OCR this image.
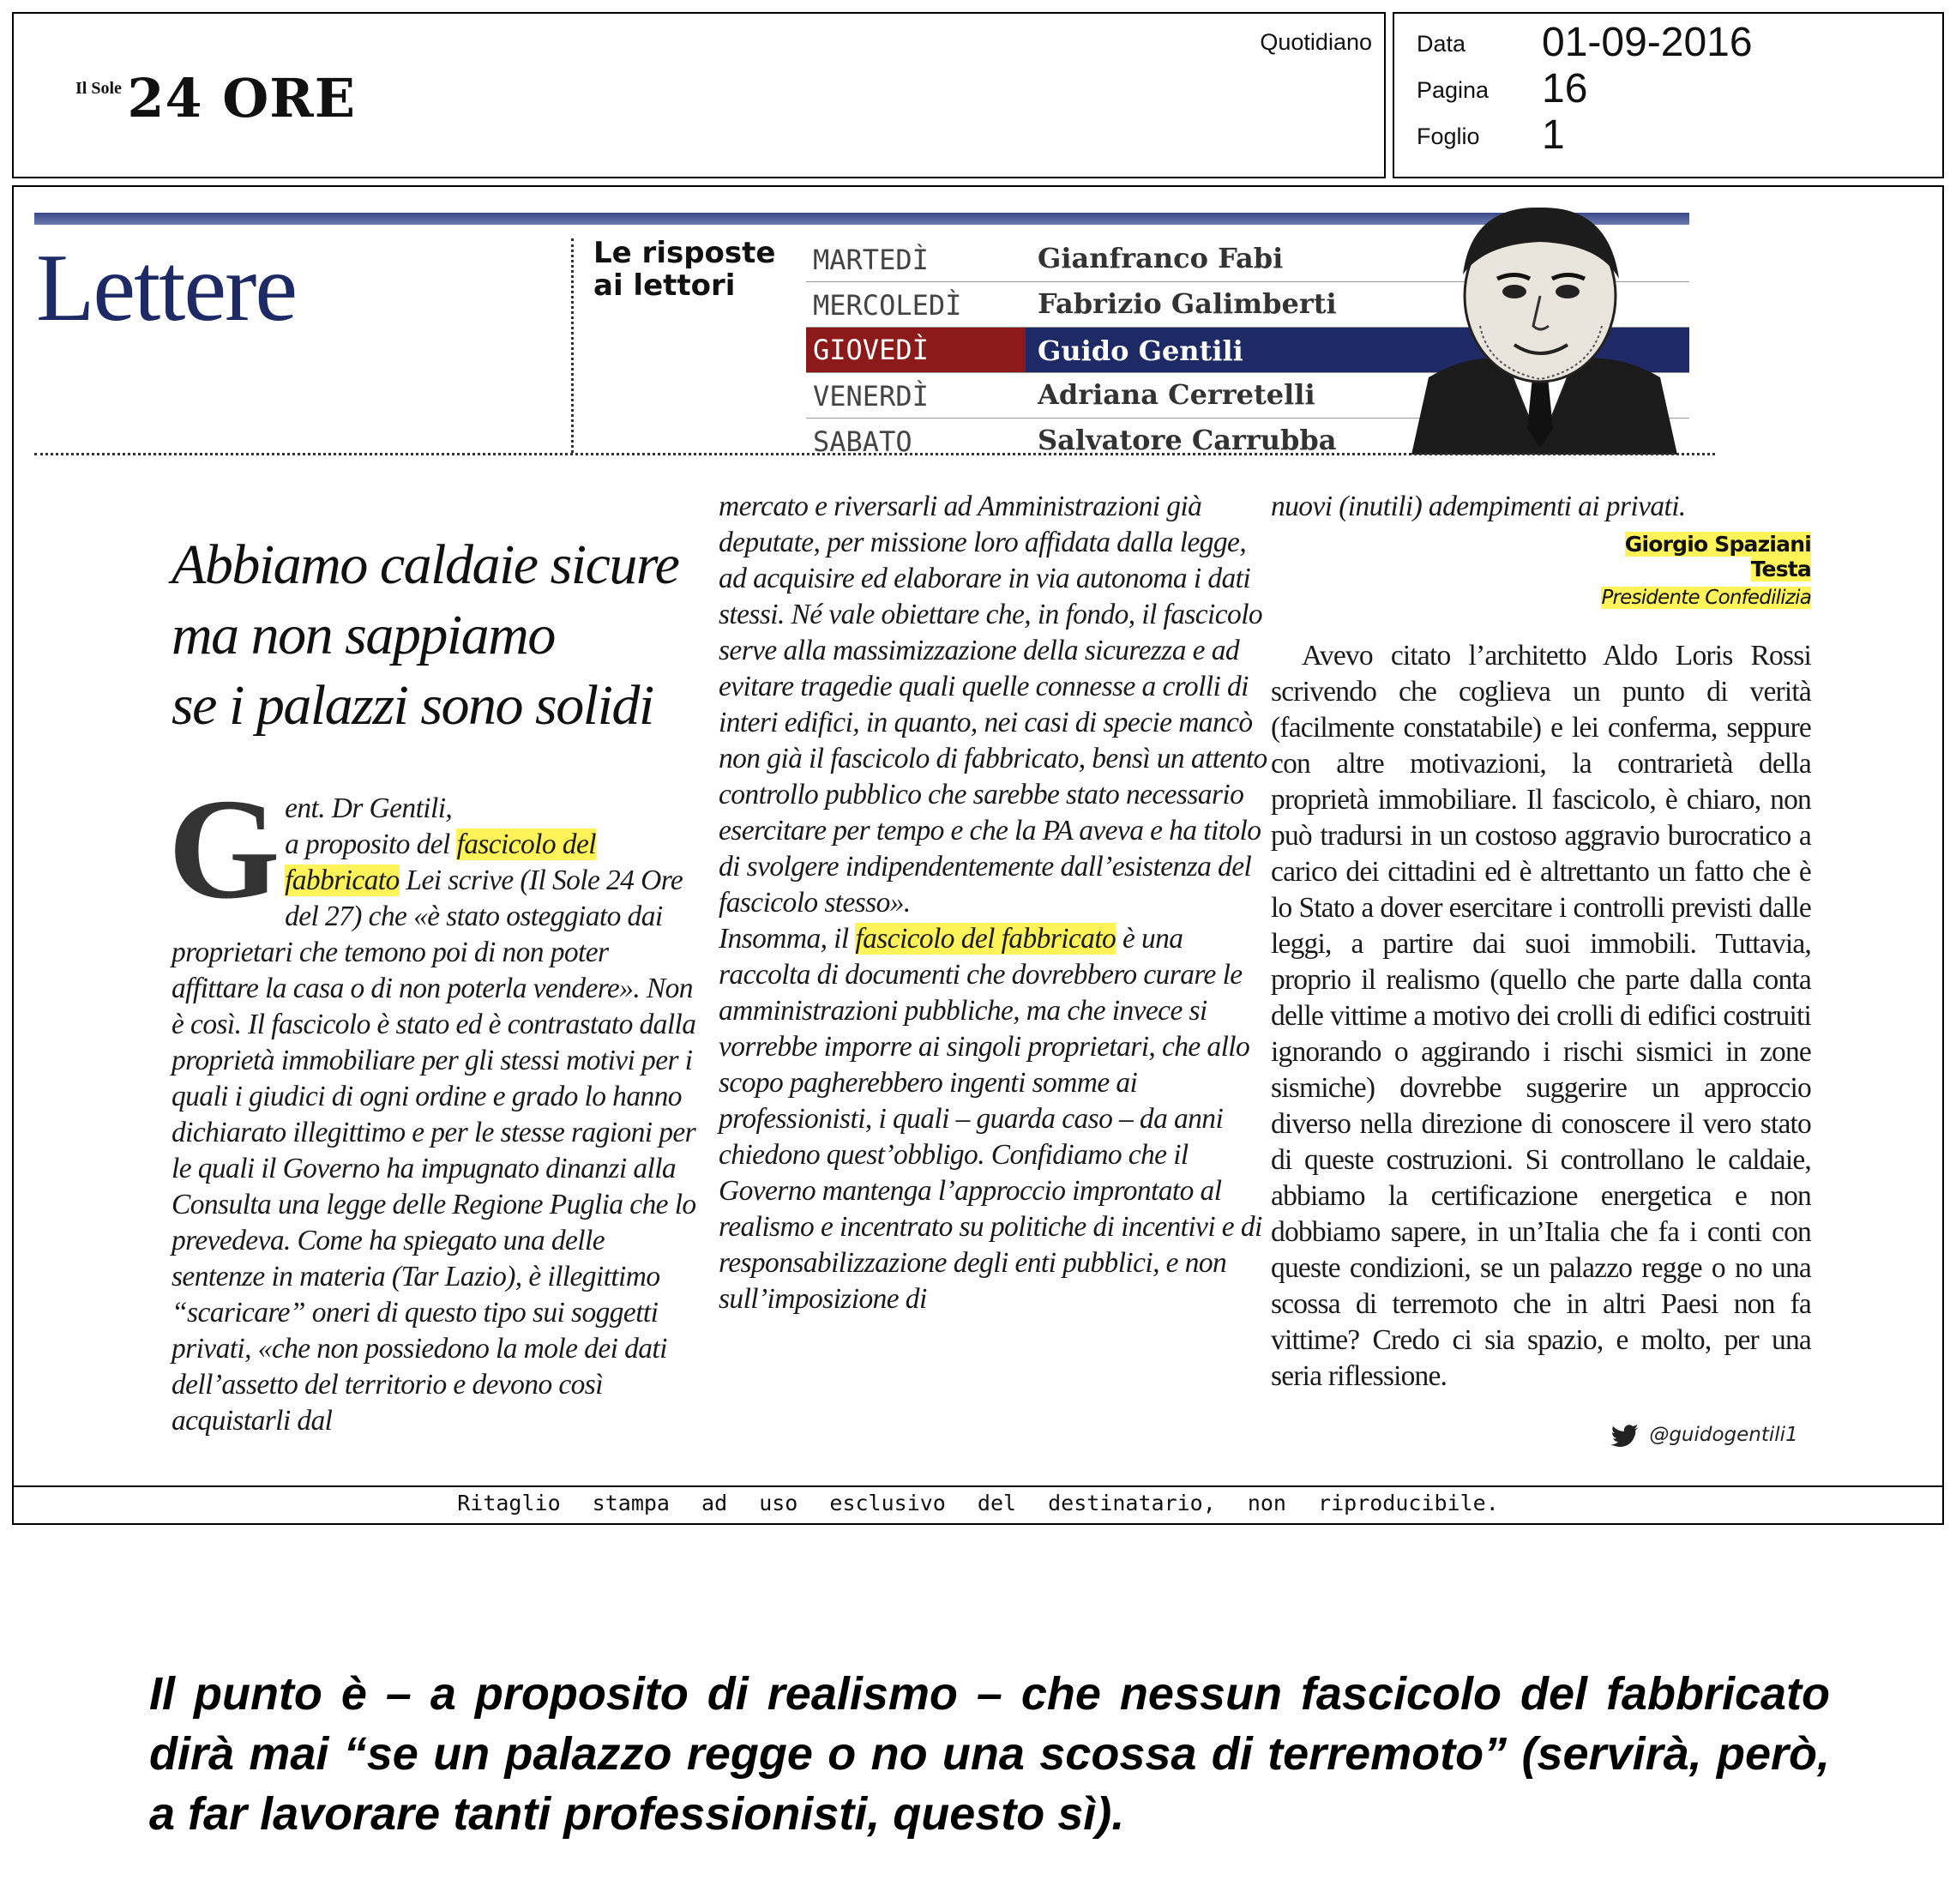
Il Sole 24 ORE
Quotidiano Data 01-09-2016
Pagina 16
Foglio 1
Lettere	Le risposte
ai lettori
MARTEDÌ	Gianfranco Fabi
MERCOLEDÌ	Fabrizio Galimberti
GIOVEDÌ	Guido Gentili
VENERDÌ	Adriana Cerretelli
SABATO	Salvatore Carrubba
Abbiamo caldaie sicure
ma non sappiamo
se i palazzi sono solidi
G ent. Dr Gentili,
a proposito del fascicolo del fabbricato Lei scrive (Il Sole 24 Ore del 27) che «è stato osteggiato dai proprietari che temono poi di non poter affittare la casa o di non poterla vendere». Non è così. Il fascicolo è stato ed è contrastato dalla proprietà immobiliare per gli stessi motivi per i quali i giudici di ogni ordine e grado lo hanno dichiarato illegittimo e per le stesse ragioni per le quali il Governo ha impugnato dinanzi alla Consulta una legge delle Regione Puglia che lo prevedeva. Come ha spiegato una delle sentenze in materia (Tar Lazio), è illegittimo “scaricare” oneri di questo tipo sui soggetti privati, «che non possiedono la mole dei dati dell’assetto del territorio e devono così acquistarli dal

mercato e riversarli ad Amministrazioni già deputate, per missione loro affidata dalla legge, ad acquisire ed elaborare in via autonoma i dati stessi. Né vale obiettare che, in fondo, il fascicolo serve alla massimizzazione della sicurezza e ad evitare tragedie quali quelle connesse a crolli di interi edifici, in quanto, nei casi di specie mancò non già il fascicolo di fabbricato, bensì un attento controllo pubblico che sarebbe stato necessario esercitare per tempo e che la PA aveva e ha titolo di svolgere indipendentemente dall’esistenza del fascicolo stesso».

Insomma, il fascicolo del fabbricato è una raccolta di documenti che dovrebbero curare le amministrazioni pubbliche, ma che invece si vorrebbe imporre ai singoli proprietari, che allo scopo pagherebbero ingenti somme ai professionisti, i quali – guarda caso – da anni chiedono quest’obbligo. Confidiamo che il Governo mantenga l’approccio improntato al realismo e incentrato su politiche di incentivi e di responsabilizzazione degli enti pubblici, e non sull’imposizione di

nuovi (inutili) adempimenti ai privati.

Giorgio Spaziani Testa
Presidente Confedilizia

Avevo citato l’architetto Aldo Loris Rossi scrivendo che coglieva un punto di verità (facilmente constatabile) e lei conferma, seppure con altre motivazioni, la contrarietà della proprietà immobiliare. Il fascicolo, è chiaro, non può tradursi in un costoso aggravio burocratico a carico dei cittadini ed è altrettanto un fatto che è lo Stato a dover esercitare i controlli previsti dalle leggi, a partire dai suoi immobili. Tuttavia, proprio il realismo (quello che parte dalla conta delle vittime a motivo dei crolli di edifici costruiti ignorando o aggirando i rischi sismici in zone sismiche) dovrebbe suggerire un approccio diverso nella direzione di conoscere il vero stato di queste costruzioni. Si controllano le caldaie, abbiamo la certificazione energetica e non dobbiamo sapere, in un’Italia che fa i conti con queste condizioni, se un palazzo regge o no una scossa di terremoto che in altri Paesi non fa vittime? Credo ci sia spazio, e molto, per una seria riflessione.

@guidogentili1
Ritaglio stampa ad uso esclusivo del destinatario, non riproducibile.
Il punto è – a proposito di realismo – che nessun fascicolo del fabbricato dirà mai “se un palazzo regge o no una scossa di terremoto” (servirà, però, a far lavorare tanti professionisti, questo sì).
